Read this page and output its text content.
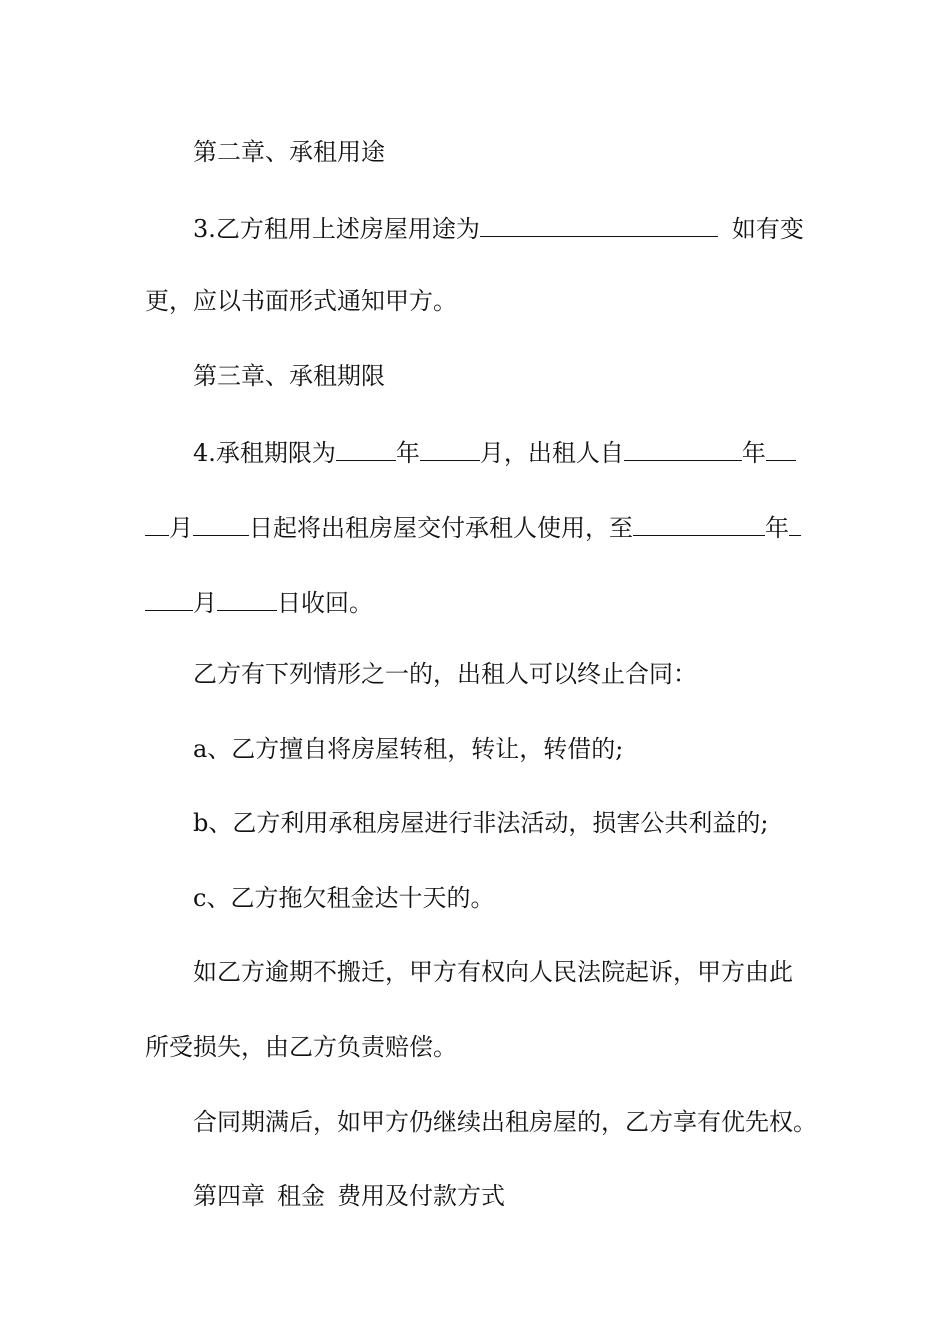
第二章、承租用途
3.乙方租用上述房屋用途为	如有变
更，应以书面形式通知甲方。
第三章、承租期限
4.承租期限为	年	月，出租人自	年
月 日起将出租房屋交付承租人使用，至	年
月	日收回。
乙方有下列情形之一的，出租人可以终止合同：
a、乙方擅自将房屋转租，转让，转借的;
b、乙方利用承租房屋进行非法活动，损害公共利益的;
c、乙方拖欠租金达十天的。
如乙方逾期不搬迁，甲方有权向人民法院起诉，甲方由此
所受损失，由乙方负责赔偿。
合同期满后，如甲方仍继续出租房屋的，乙方享有优先权。
第四章 租金 费用及付款方式
